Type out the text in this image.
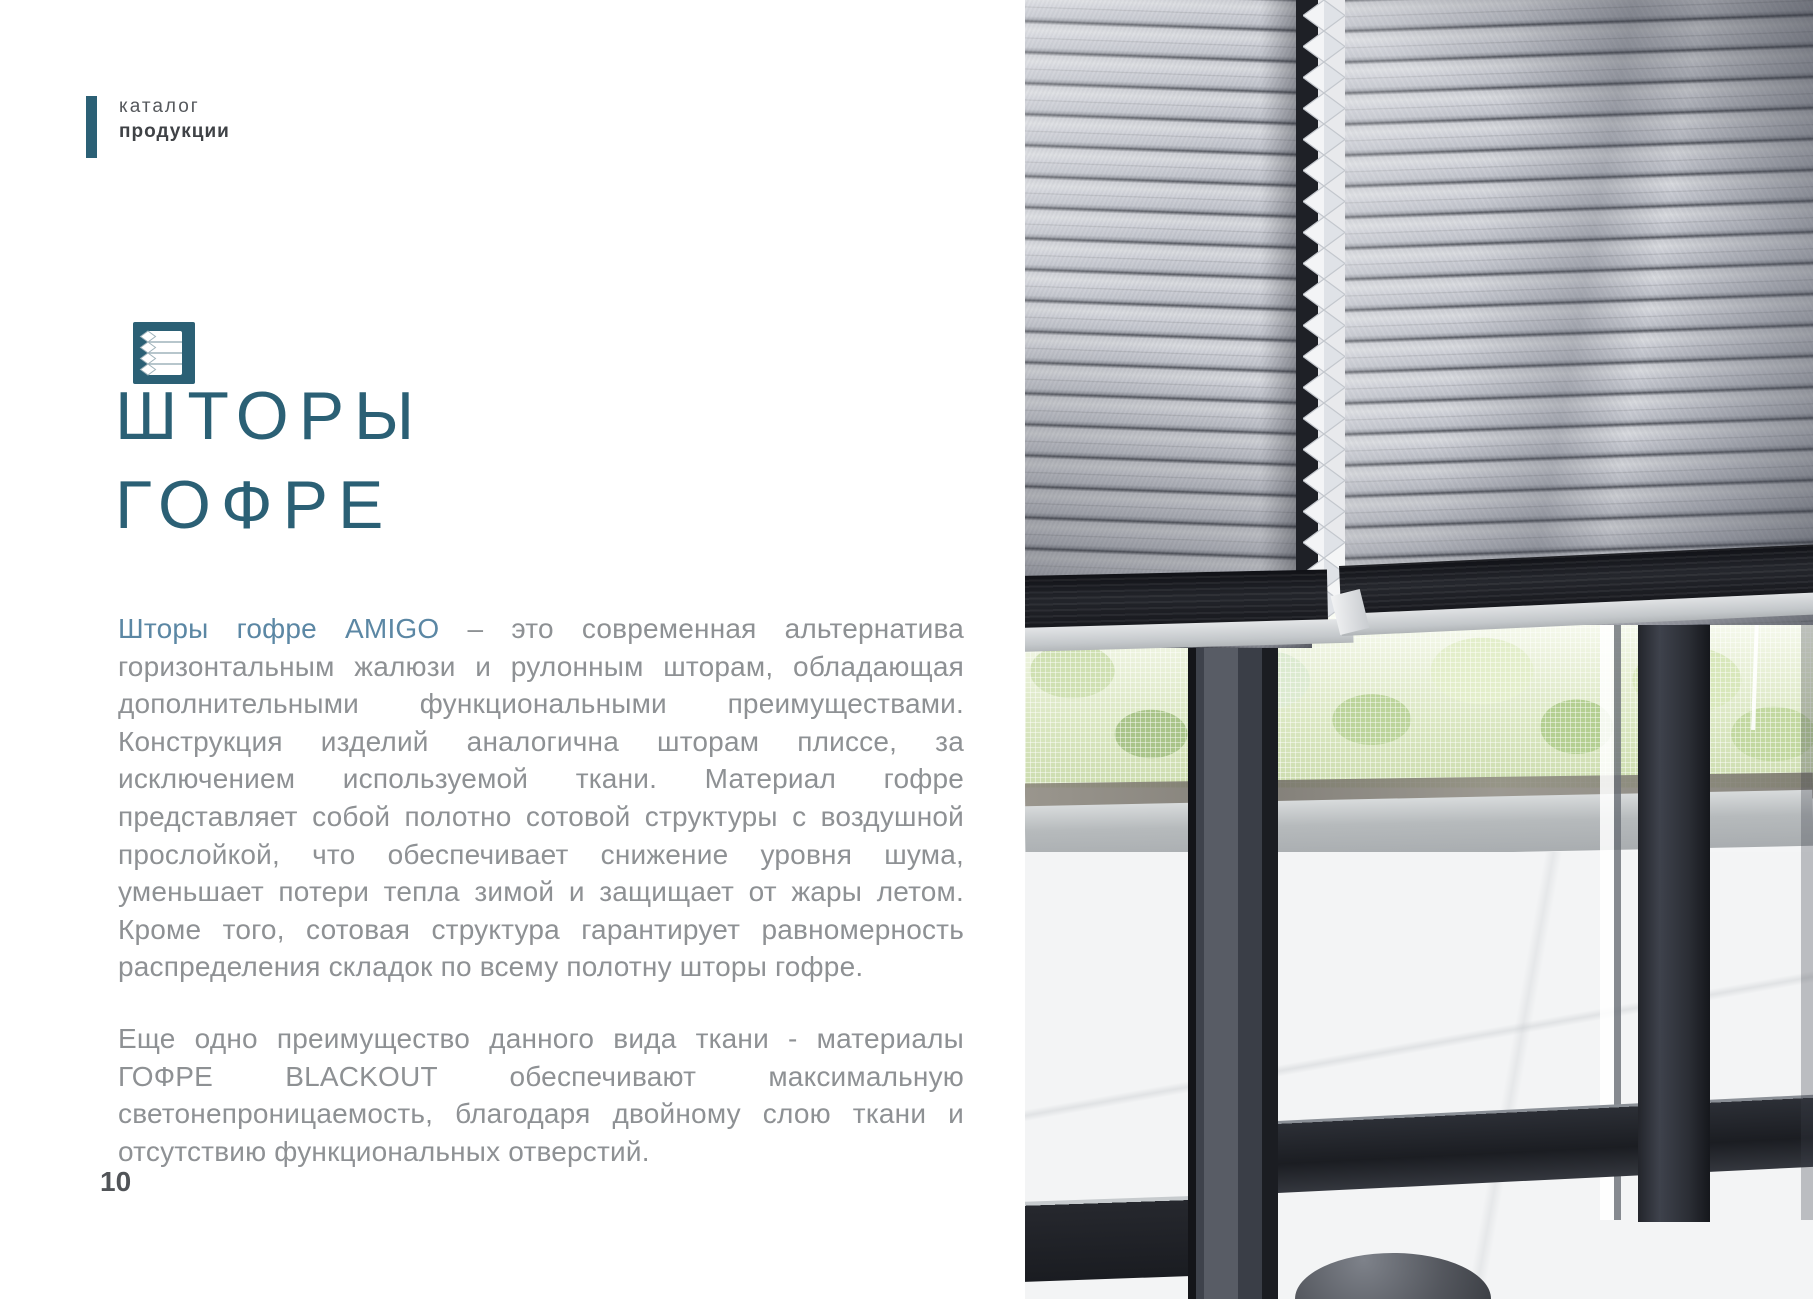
каталог
продукции
ШТОРЫ
ГОФРЕ

Шторы гофре AMIGO – это современная альтернатива горизонтальным жалюзи и рулонным шторам, обладающая дополнительными функциональными преимуществами. Конструкция изделий аналогична шторам плиссе, за исключением используемой ткани. Материал гофре представляет собой полотно сотовой структуры с воздушной прослойкой, что обеспечивает снижение уровня шума, уменьшает потери тепла зимой и защищает от жары летом. Кроме того, сотовая структура гарантирует равномерность распределения складок по всему полотну шторы гофре.

Еще одно преимущество данного вида ткани - материалы ГОФРЕ BLACKOUT обеспечивают максимальную светонепроницаемость, благодаря двойному слою ткани и отсутствию функциональных отверстий.

10
